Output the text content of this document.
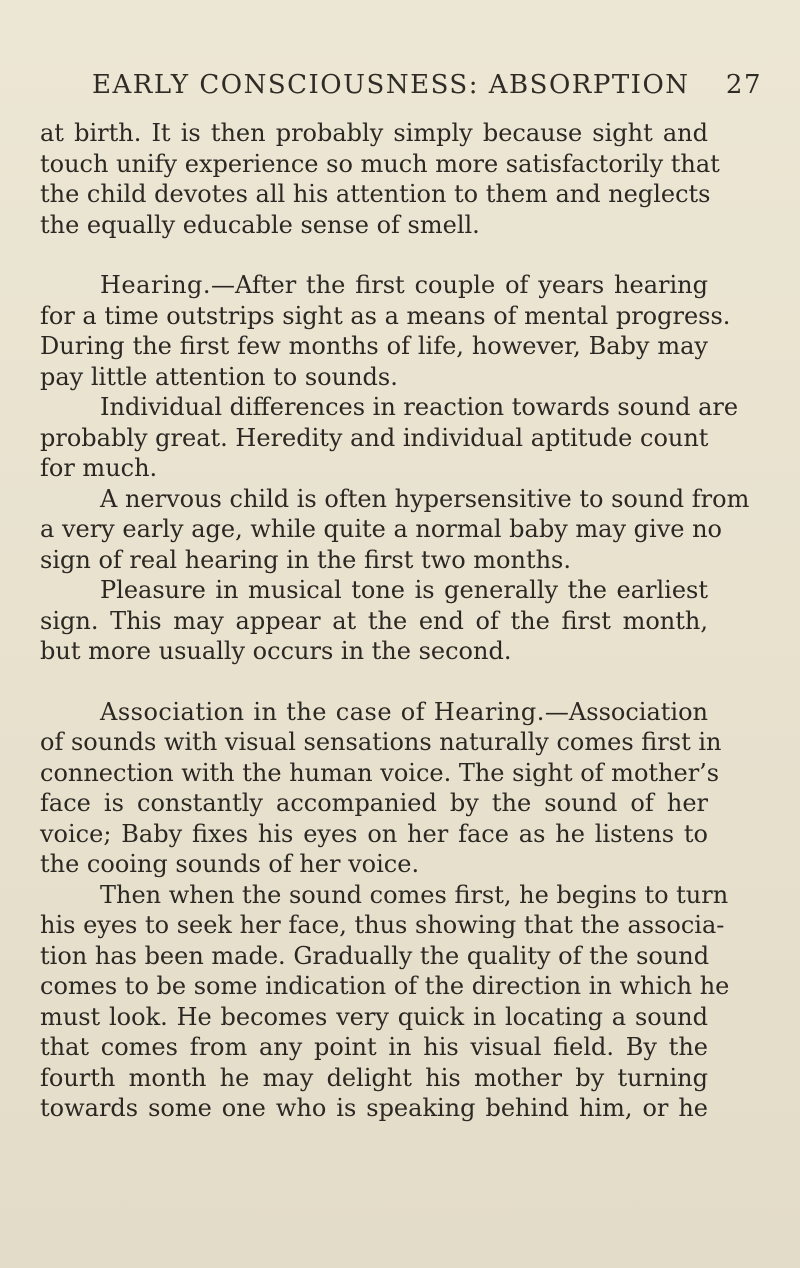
EARLY CONSCIOUSNESS: ABSORPTION 27
at birth. It is then probably simply because sight and
touch unify experience so much more satisfactorily that
the child devotes all his attention to them and neglects
the equally educable sense of smell.
Hearing.—After the first couple of years hearing
for a time outstrips sight as a means of mental progress.
During the first few months of life, however, Baby may
pay little attention to sounds.
Individual differences in reaction towards sound are
probably great. Heredity and individual aptitude count
for much.
A nervous child is often hypersensitive to sound from
a very early age, while quite a normal baby may give no
sign of real hearing in the first two months.
Pleasure in musical tone is generally the earliest
sign. This may appear at the end of the first month,
but more usually occurs in the second.
Association in the case of Hearing.—Association
of sounds with visual sensations naturally comes first in
connection with the human voice. The sight of mother’s
face is constantly accompanied by the sound of her
voice; Baby fixes his eyes on her face as he listens to
the cooing sounds of her voice.
Then when the sound comes first, he begins to turn
his eyes to seek her face, thus showing that the associa-
tion has been made. Gradually the quality of the sound
comes to be some indication of the direction in which he
must look. He becomes very quick in locating a sound
that comes from any point in his visual field. By the
fourth month he may delight his mother by turning
towards some one who is speaking behind him, or he
